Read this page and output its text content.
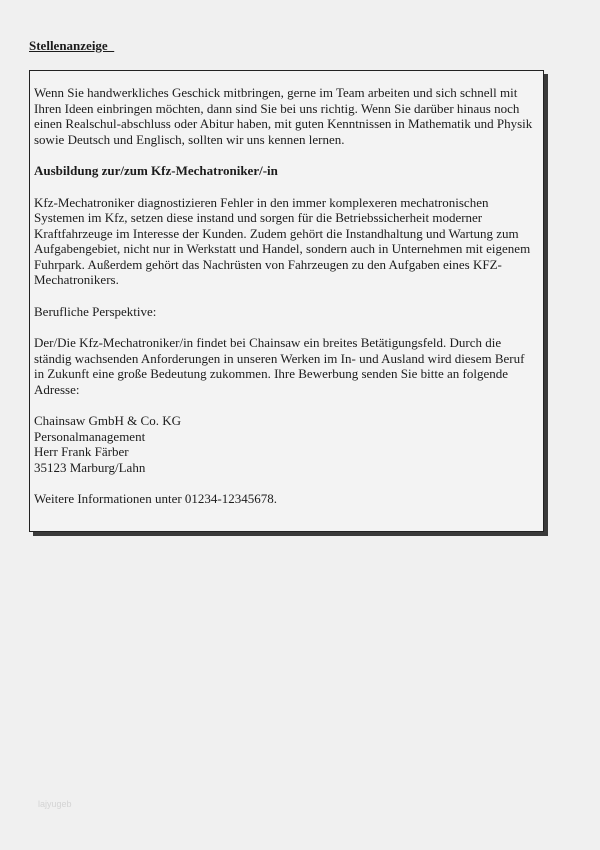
Stellenanzeige

Wenn Sie handwerkliches Geschick mitbringen, gerne im Team arbeiten und sich schnell mit Ihren Ideen einbringen möchten, dann sind Sie bei uns richtig. Wenn Sie darüber hinaus noch einen Realschul-abschluss oder Abitur haben, mit guten Kenntnissen in Mathematik und Physik sowie Deutsch und Englisch, sollten wir uns kennen lernen.

Ausbildung zur/zum Kfz-Mechatroniker/-in

Kfz-Mechatroniker diagnostizieren Fehler in den immer komplexeren mechatronischen Systemen im Kfz, setzen diese instand und sorgen für die Betriebssicherheit moderner Kraftfahrzeuge im Interesse der Kunden. Zudem gehört die Instandhaltung und Wartung zum Aufgabengebiet, nicht nur in Werkstatt und Handel, sondern auch in Unternehmen mit eigenem Fuhrpark. Außerdem gehört das Nachrüsten von Fahrzeugen zu den Aufgaben eines KFZ-Mechatronikers.

Berufliche Perspektive:

Der/Die Kfz-Mechatroniker/in findet bei Chainsaw ein breites Betätigungsfeld. Durch die ständig wachsenden Anforderungen in unseren Werken im In- und Ausland wird diesem Beruf in Zukunft eine große Bedeutung zukommen. Ihre Bewerbung senden Sie bitte an folgende Adresse:

Chainsaw GmbH & Co. KG

Personalmanagement

Herr Frank Färber

35123 Marburg/Lahn

Weitere Informationen unter 01234-12345678.

lajyugeb
